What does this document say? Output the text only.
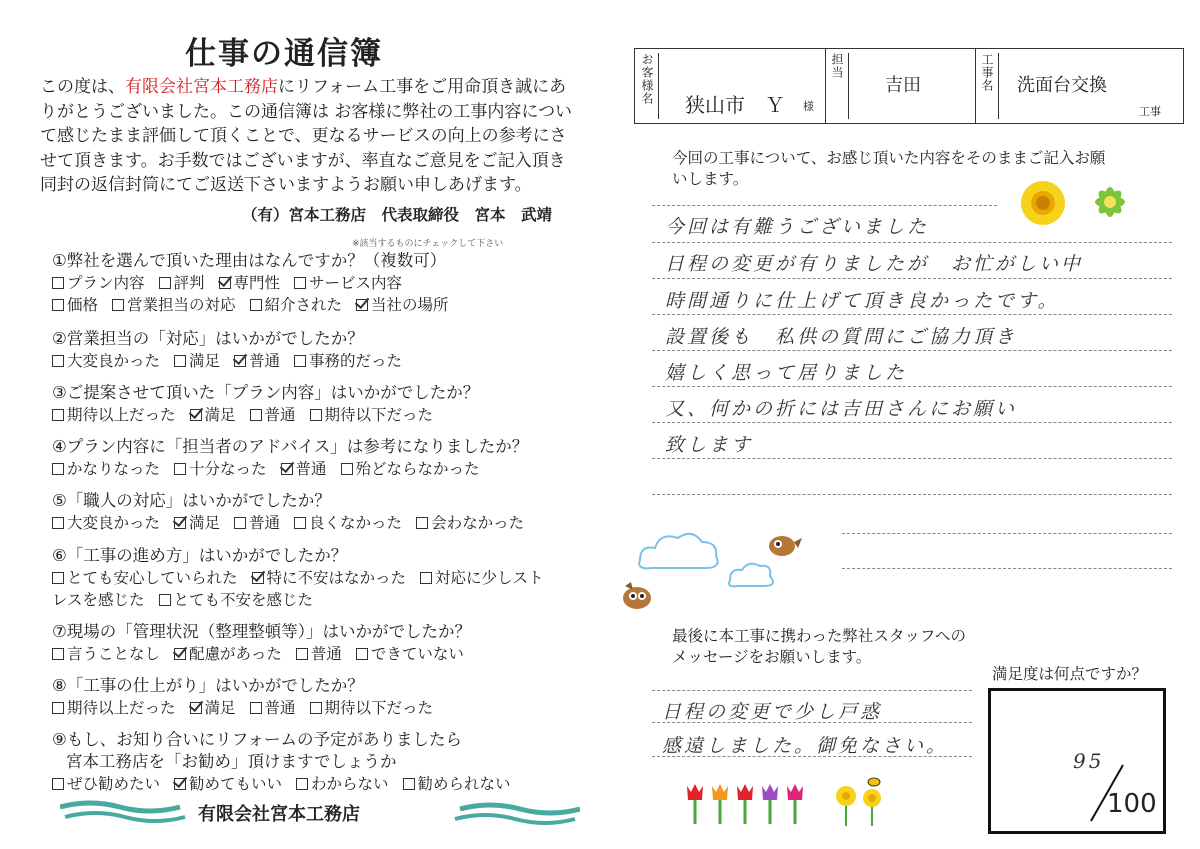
仕事の通信簿
この度は、有限会社宮本工務店にリフォーム工事をご用命頂き誠にありがとうございました。この通信簿は お客様に弊社の工事内容について感じたまま評価して頂くことで、更なるサービスの向上の参考にさせて頂きます。お手数ではございますが、率直なご意見をご記入頂き 同封の返信封筒にてご返送下さいますようお願い申しあげます。
（有）宮本工務店　代表取締役　宮本　武靖
※該当するものにチェックして下さい
①弊社を選んで頂いた理由はなんですか？（複数可）
プラン内容 評判 専門性 サービス内容
価格 営業担当の対応 紹介された 当社の場所
②営業担当の「対応」はいかがでしたか？
大変良かった 満足 普通 事務的だった
③ご提案させて頂いた「プラン内容」はいかがでしたか？
期待以上だった 満足 普通 期待以下だった
④プラン内容に「担当者のアドバイス」は参考になりましたか？
かなりなった 十分なった 普通 殆どならなかった
⑤「職人の対応」はいかがでしたか？
大変良かった 満足 普通 良くなかった 会わなかった
⑥「工事の進め方」はいかがでしたか？
とても安心していられた 特に不安はなかった 対応に少しスト
レスを感じた とても不安を感じた
⑦現場の「管理状況（整理整頓等）」はいかがでしたか？
言うことなし 配慮があった 普通 できていない
⑧「工事の仕上がり」はいかがでしたか？
期待以上だった 満足 普通 期待以下だった
⑨もし、お知り合いにリフォームの予定がありましたら
宮本工務店を「お勧め」頂けますでしょうか
ぜひ勧めたい 勧めてもいい わからない 勧められない
有限会社宮本工務店
お客様名 狭山市　Ｙ 様
担当
吉田	工事名 洗面台交換
工事
今回の工事について、お感じ頂いた内容をそのままご記入お願いします。
今回は有難うございました
日程の変更が有りましたが　お忙がしい中
時間通りに仕上げて頂き良かったです。
設置後も　私供の質問にご協力頂き
嬉しく思って居りました
又、何かの折には吉田さんにお願い
致します
最後に本工事に携わった弊社スタッフへのメッセージをお願いします。
日程の変更で少し戸惑
感遠しました。御免なさい。
満足度は何点ですか？
95
100
